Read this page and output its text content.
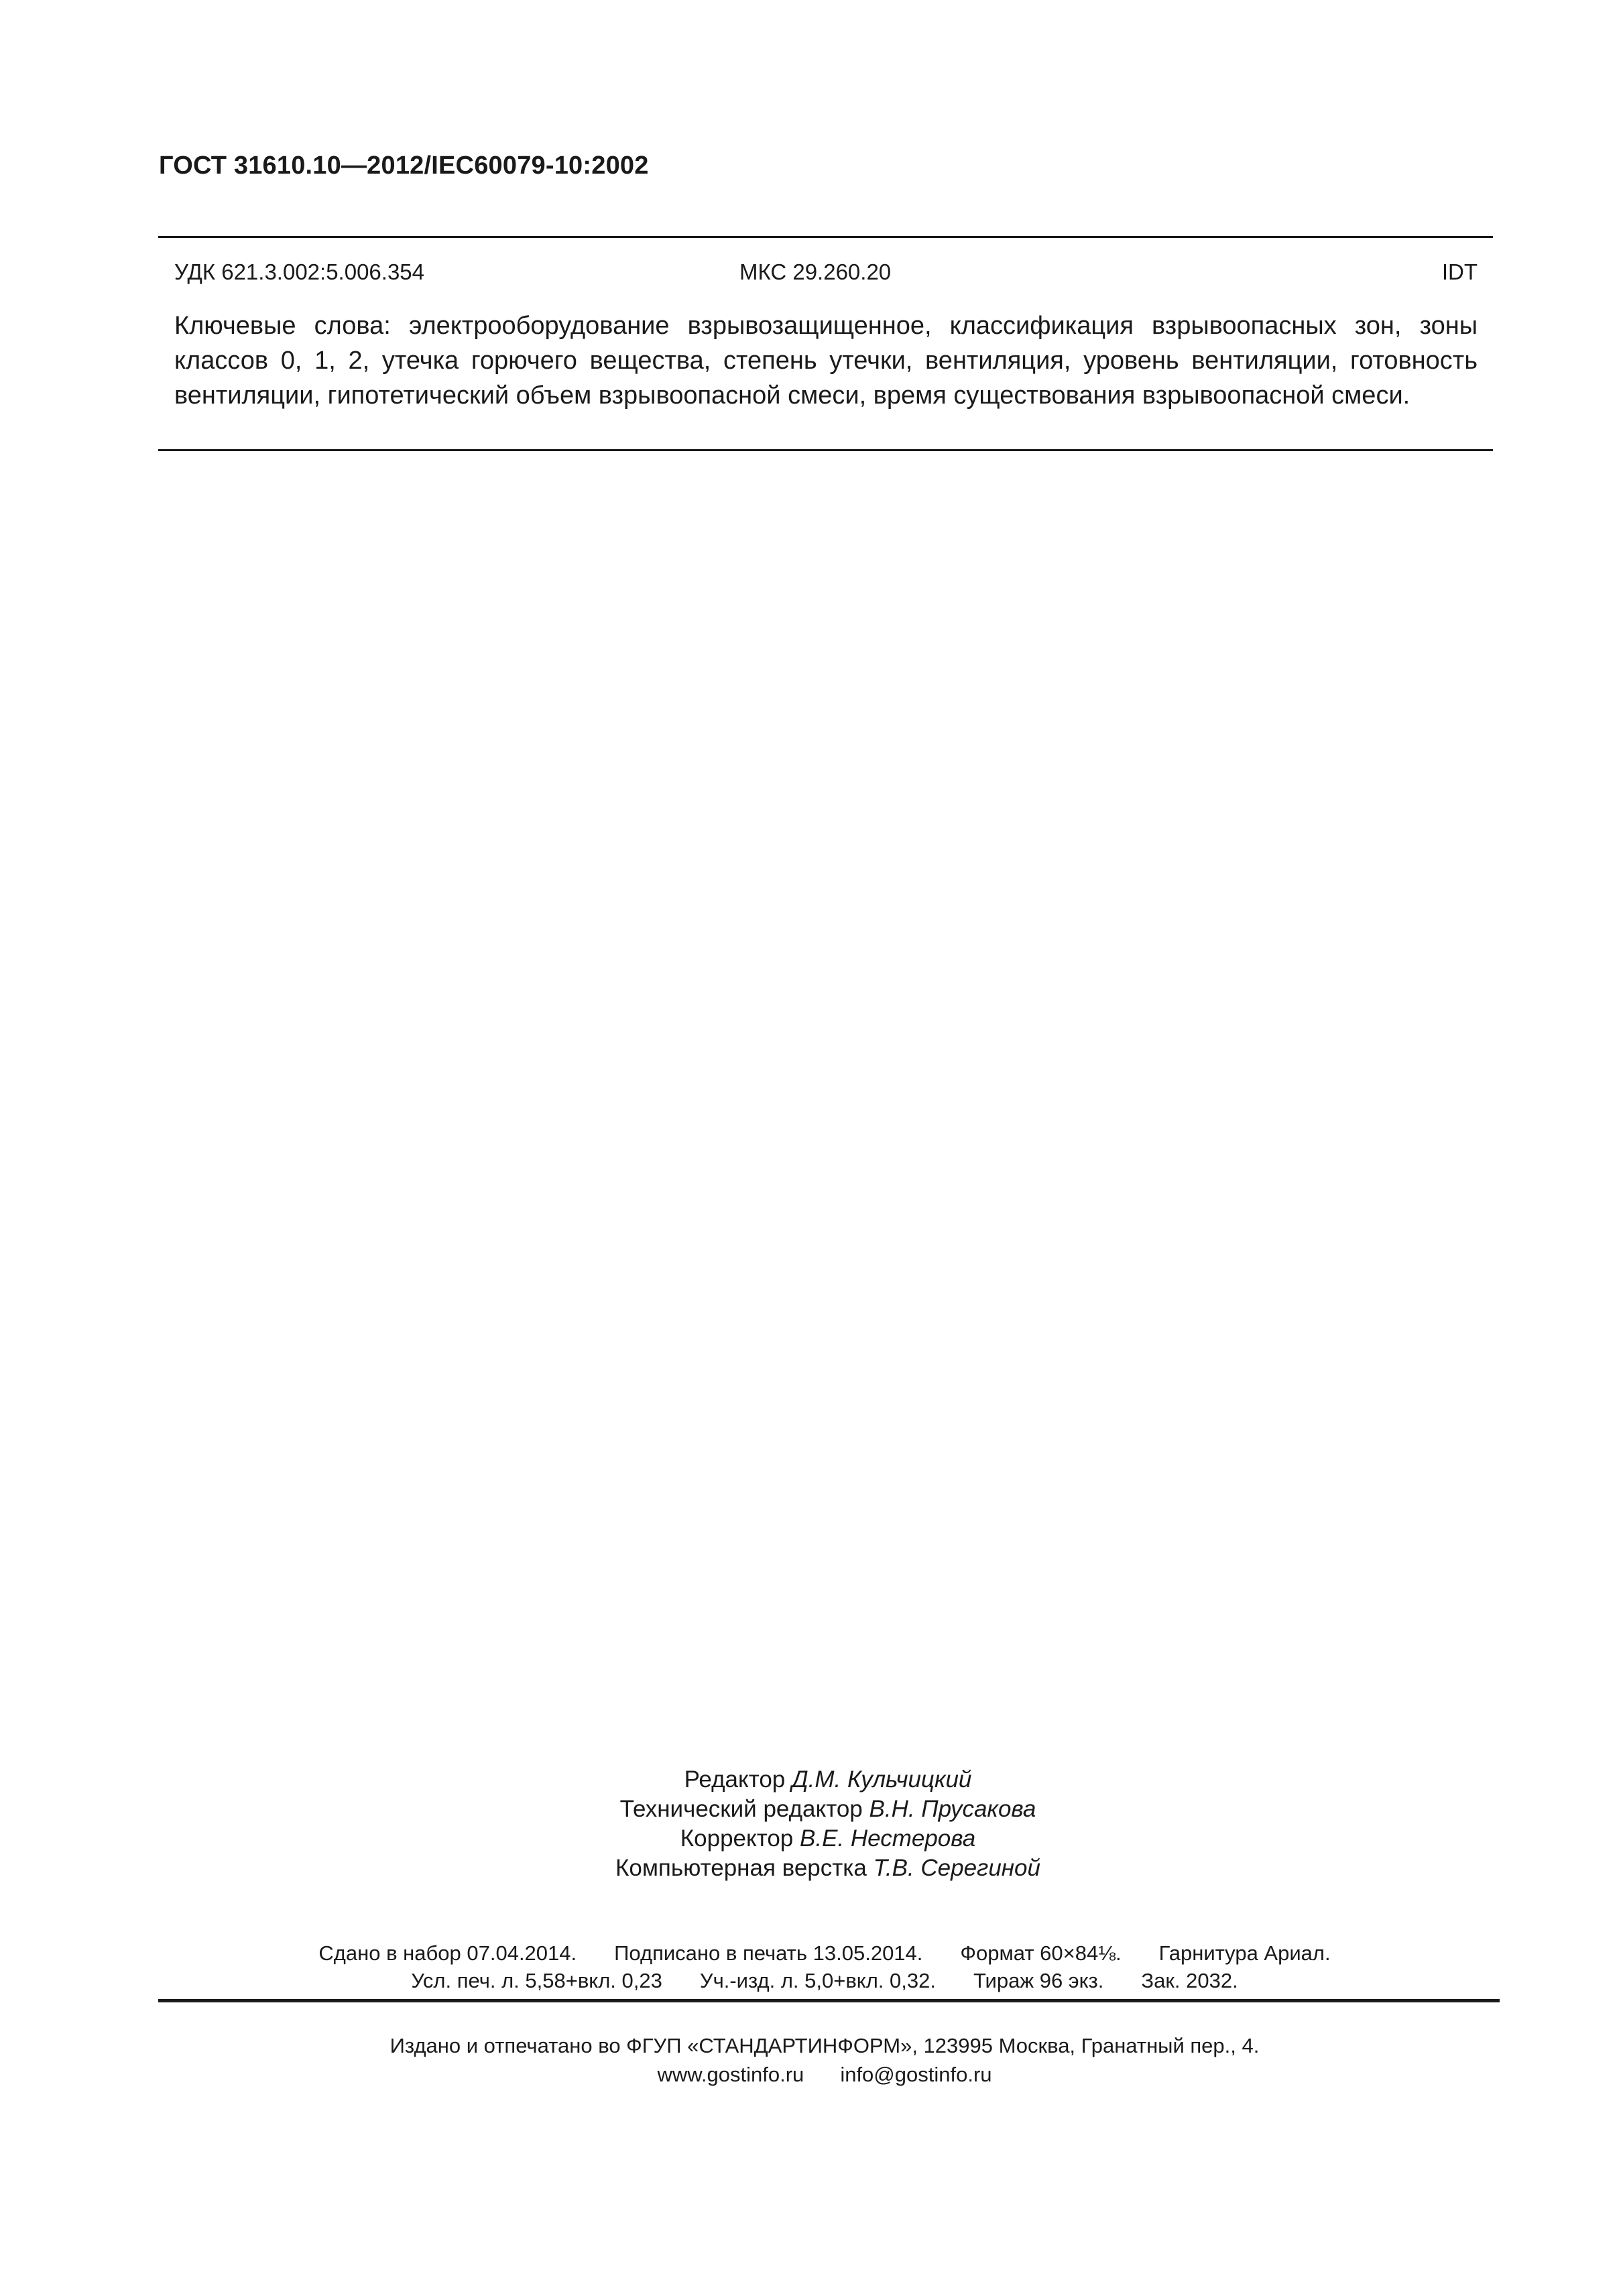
ГОСТ 31610.10—2012/IEC60079-10:2002
УДК 621.3.002:5.006.354	МКС 29.260.20	IDT
Ключевые слова: электрооборудование взрывозащищенное, классификация взрывоопасных зон, зоны классов 0, 1, 2, утечка горючего вещества, степень утечки, вентиляция, уровень вентиляции, готовность вентиляции, гипотетический объем взрывоопасной смеси, время существования взрывоопасной смеси.
Редактор Д.М. Кульчицкий
Технический редактор В.Н. Прусакова
Корректор В.Е. Нестерова
Компьютерная верстка Т.В. Серегиной
Сдано в набор 07.04.2014. Подписано в печать 13.05.2014. Формат 60×84⅛. Гарнитура Ариал.
Усл. печ. л. 5,58+вкл. 0,23 Уч.-изд. л. 5,0+вкл. 0,32. Тираж 96 экз. Зак. 2032.
Издано и отпечатано во ФГУП «СТАНДАРТИНФОРМ», 123995 Москва, Гранатный пер., 4.
www.gostinfo.ru info@gostinfo.ru
